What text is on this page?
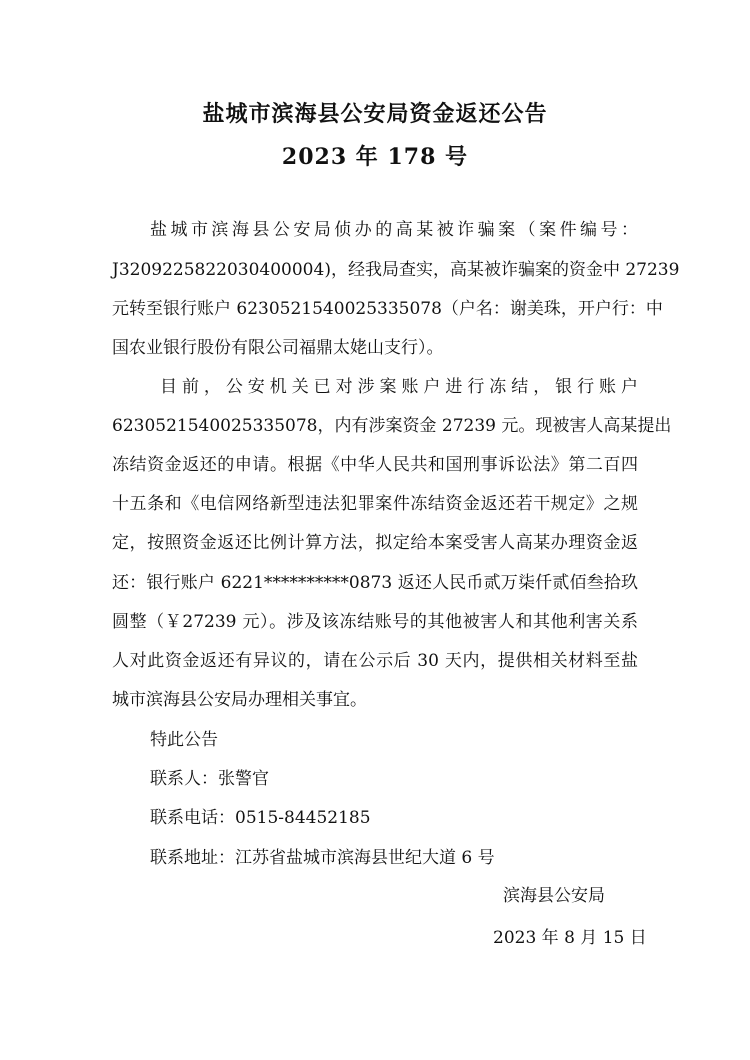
盐城市滨海县公安局资金返还公告
2023 年 178 号
盐城市滨海县公安局侦办的高某被诈骗案（案件编号：
J3209225822030400004)，经我局查实，高某被诈骗案的资金中 27239
元转至银行账户 6230521540025335078（户名：谢美珠，开户行：中
国农业银行股份有限公司福鼎太姥山支行）。
目前，公安机关已对涉案账户进行冻结，银行账户
6230521540025335078，内有涉案资金 27239 元。现被害人高某提出
冻结资金返还的申请。根据《中华人民共和国刑事诉讼法》第二百四
十五条和《电信网络新型违法犯罪案件冻结资金返还若干规定》之规
定，按照资金返还比例计算方法，拟定给本案受害人高某办理资金返
还：银行账户 6221**********0873 返还人民币贰万柒仟贰佰叁拾玖
圆整（￥27239 元）。涉及该冻结账号的其他被害人和其他利害关系
人对此资金返还有异议的，请在公示后 30 天内，提供相关材料至盐
城市滨海县公安局办理相关事宜。
特此公告
联系人：张警官
联系电话：0515-84452185
联系地址：江苏省盐城市滨海县世纪大道 6 号
滨海县公安局
2023 年 8 月 15 日
